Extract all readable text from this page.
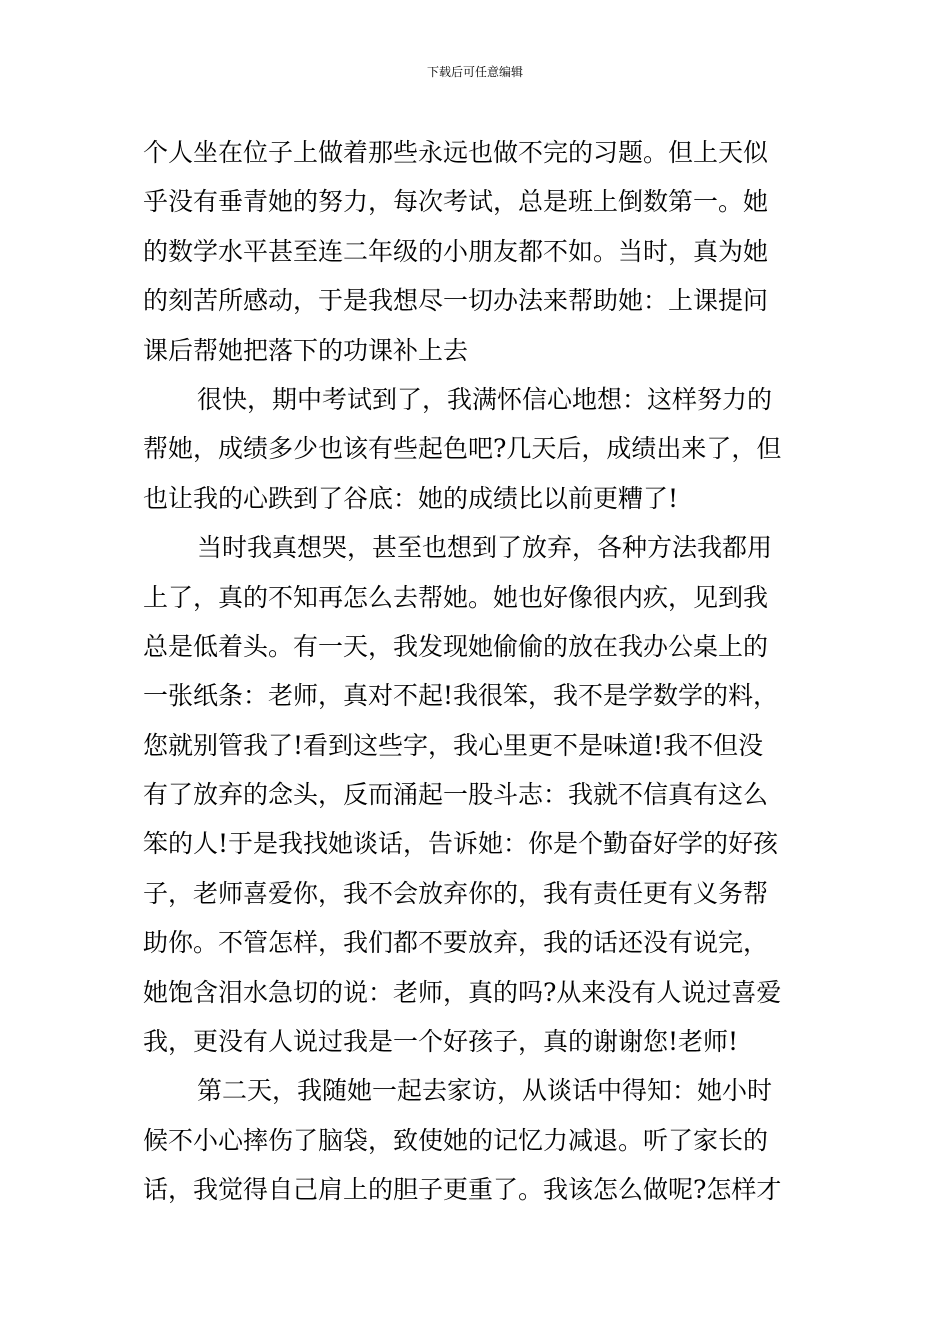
下载后可任意编辑
个人坐在位子上做着那些永远也做不完的习题。但上天似
乎没有垂青她的努力，每次考试，总是班上倒数第一。她
的数学水平甚至连二年级的小朋友都不如。当时，真为她
的刻苦所感动，于是我想尽一切办法来帮助她：上课提问
课后帮她把落下的功课补上去
很快，期中考试到了，我满怀信心地想：这样努力的
帮她，成绩多少也该有些起色吧?几天后，成绩出来了，但
也让我的心跌到了谷底：她的成绩比以前更糟了!
当时我真想哭，甚至也想到了放弃，各种方法我都用
上了，真的不知再怎么去帮她。她也好像很内疚，见到我
总是低着头。有一天，我发现她偷偷的放在我办公桌上的
一张纸条：老师，真对不起!我很笨，我不是学数学的料，
您就别管我了!看到这些字，我心里更不是味道!我不但没
有了放弃的念头，反而涌起一股斗志：我就不信真有这么
笨的人!于是我找她谈话，告诉她：你是个勤奋好学的好孩
子，老师喜爱你，我不会放弃你的，我有责任更有义务帮
助你。不管怎样，我们都不要放弃，我的话还没有说完，
她饱含泪水急切的说：老师，真的吗?从来没有人说过喜爱
我，更没有人说过我是一个好孩子，真的谢谢您!老师!
第二天，我随她一起去家访，从谈话中得知：她小时
候不小心摔伤了脑袋，致使她的记忆力减退。听了家长的
话，我觉得自己肩上的胆子更重了。我该怎么做呢?怎样才
